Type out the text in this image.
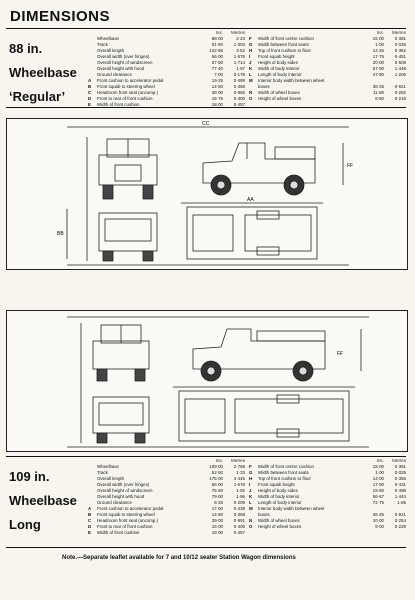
DIMENSIONS
88 in.
Wheelbase
‘Regular’
Ins.	Metres
Wheelbase	88·00	2·23
Track	51·50	1·303
Overall length	142·66	3·62
Overall width (over hinges)	66·00	1·676
Overall height of windscreen	67·50	1·714
Overall height with hood	77·40	1·97
Ground clearance	7·00	0·178
A	Front cushion to accelerator pedal	19·25	0·489
B	Front squab to steering wheel	14·50	0·368
C	Headroom front seat (uncomp.)	38·00	0·965
D	Front to rear of front cushion	15·75	0·400
E	Width of front cushion	18·00	0·457
Ins.	Metres
F	Width of front centre cushion	15·00	0·381
G	Width between front seats	1·00	0·025
H	Top of front cushion to floor	14·25	0·362
I	Front squab height	17·75	0·451
J	Height of body sides	20·00	0·508
K	Width of body interior	57·00	1·448
L	Length of body interior	47·90	1·206
M	Interior body width between wheel
boxes	36·25	0·921
N	Width of wheel boxes	11·80	0·282
O	Height of wheel boxes	8·80	0·216
CC
AA
BB
FF
FF
109 in.
Wheelbase
Long
Ins.	Metres
Wheelbase	109·00	2·768
Track	52·50	1·33
Overall length	175·00	4·445
Overall width (over hinges)	66·00	1·676
Overall height of windscreen	75·60	1·92
Overall height with hood	79·00	1·96
Ground clearance	8·25	0·209
A	Front cushion to accelerator pedal	17·00	0·438
B	Front squab to steering wheel	14·50	0·368
C	Headroom front seat (uncomp.)	39·00	0·991
D	Front to rear of front cushion	16·00	0·406
E	Width of front cushion	18·00	0·457
Ins.	Metres
F	Width of front centre cushion	15·00	0·381
G	Width between front seats	1·00	0·025
H	Top of front cushion to floor	14·00	0·356
I	Front squab height	17·00	0·431
J	Height of body sides	19·60	0·498
K	Width of body interior	56·67	1·444
L	Length of body interior	72·75	1·85
M	Interior body width between wheel
boxes	36·25	0·921
N	Width of wheel boxes	10·00	0·254
O	Height of wheel boxes	9·00	0·229
Note.—Separate leaflet available for 7 and 10/12 seater Station Wagon dimensions
